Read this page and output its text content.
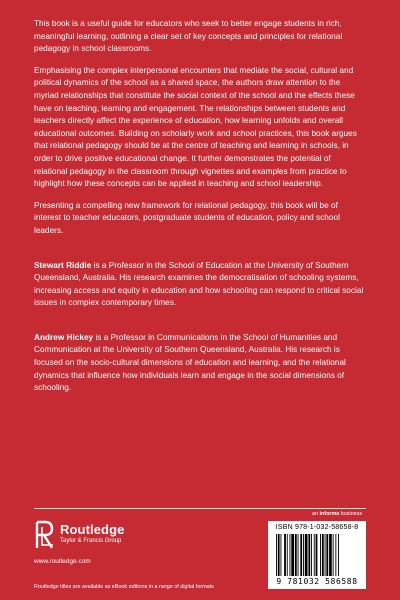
This book is a useful guide for educators who seek to better engage students in rich, meaningful learning, outlining a clear set of key concepts and principles for relational pedagogy in school classrooms.

Emphasising the complex interpersonal encounters that mediate the social, cultural and political dynamics of the school as a shared space, the authors draw attention to the myriad relationships that constitute the social context of the school and the effects these have on teaching, learning and engagement. The relationships between students and teachers directly affect the experience of education, how learning unfolds and overall educational outcomes. Building on scholarly work and school practices, this book argues that relational pedagogy should be at the centre of teaching and learning in schools, in order to drive positive educational change. It further demonstrates the potential of relational pedagogy in the classroom through vignettes and examples from practice to highlight how these concepts can be applied in teaching and school leadership.

Presenting a compelling new framework for relational pedagogy, this book will be of interest to teacher educators, postgraduate students of education, policy and school leaders.

Stewart Riddle is a Professor in the School of Education at the University of Southern Queensland, Australia. His research examines the democratisation of schooling systems, increasing access and equity in education and how schooling can respond to critical social issues in complex contemporary times.

Andrew Hickey is a Professor in Communications in the School of Humanities and Communication at the University of Southern Queensland, Australia. His research is focused on the socio-cultural dimensions of education and learning, and the relational dynamics that influence how individuals learn and engage in the social dimensions of schooling.

an informa business
Routledge
Taylor & Francis Group
www.routledge.com
Routledge titles are available as eBook editions in a range of digital formats
ISBN 978-1-032-58658-8
9 781032 586588
